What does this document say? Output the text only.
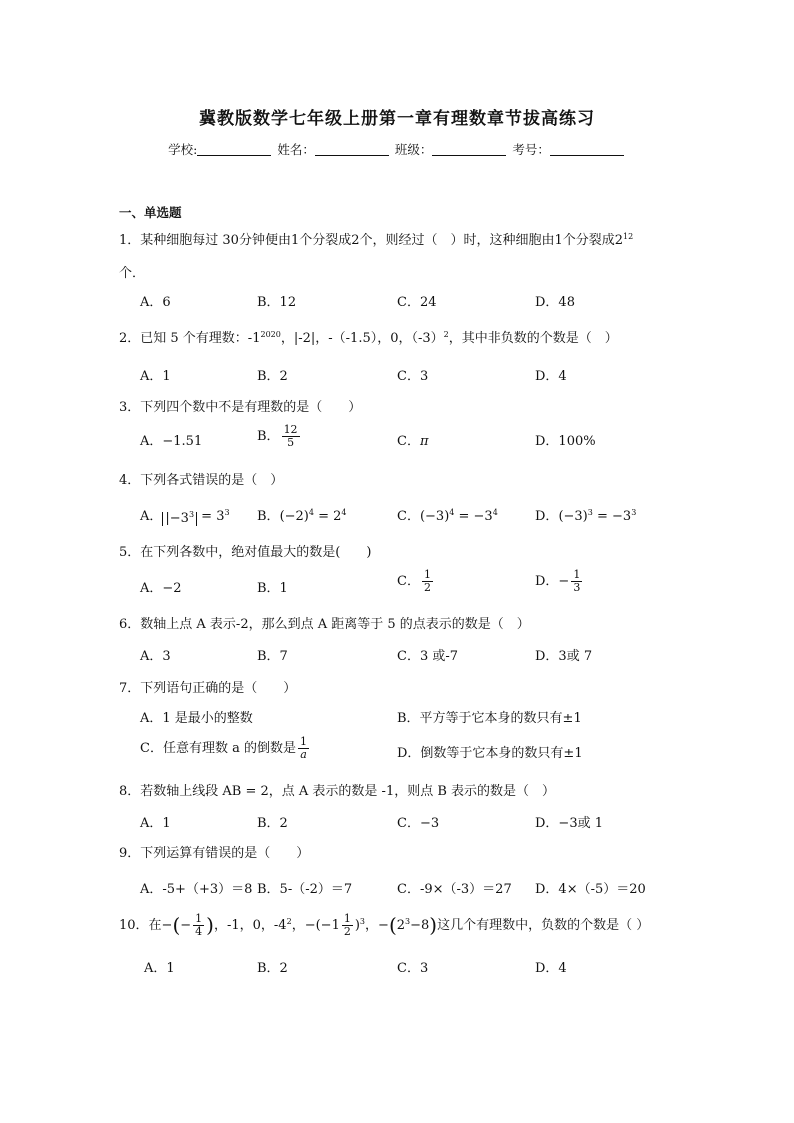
冀教版数学七年级上册第一章有理数章节拔高练习
学校:	姓名：	班级：	考号：
一、单选题
1．某种细胞每过 30分钟便由1个分裂成2个，则经过（　）时，这种细胞由1个分裂成$2^{12}$
个．
A．6	B．12	C．24	D．48
2．已知 5 个有理数：$-1^{2020}$，|-2|，-（-1.5），0，$(-3)^2$，其中非负数的个数是（　）
A．1	B．2	C．3	D．4
3．下列四个数中不是有理数的是（　　）
A．−1.51	B． $\frac{12}{5}$	C．π	D．100%
4．下列各式错误的是（　）
A． $|-3^3 = 3^3$ B．$(-2)^4 = 2^4$	C．$(-3)^4 = -3^4$	D．$(-3)^3 = -3^3$
5．在下列各数中，绝对值最大的数是(　　)
A．−2	B．1	C． $\frac{1}{2}$	D．− $\frac{1}{3}$
6．数轴上点 A 表示-2，那么到点 A 距离等于 5 的点表示的数是（　）
A．3	B．7	C．3 或-7	D．3或 7
7．下列语句正确的是（　　）
A．1 是最小的整数	B．平方等于它本身的数只有±1
C．任意有理数 a 的倒数是 $\frac{1}{a}$	D．倒数等于它本身的数只有±1
8．若数轴上线段 AB = 2，点 A 表示的数是 -1，则点 B 表示的数是（　）
A．1	B．2	C．−3	D．−3或 1
9．下列运算有错误的是（　　）
A．-5+（+3）＝8 B．5-（-2）＝7	C．-9×（-3）＝27 D．4×（-5）＝20
10．在−(− $\frac{1}{4}$ )，-1，0，$-4^2$，$-(-1 \frac{1}{2} )^3$，$-(2^3-8)$这几个有理数中，负数的个数是（ ）
A．1	B．2	C．3	D．4
